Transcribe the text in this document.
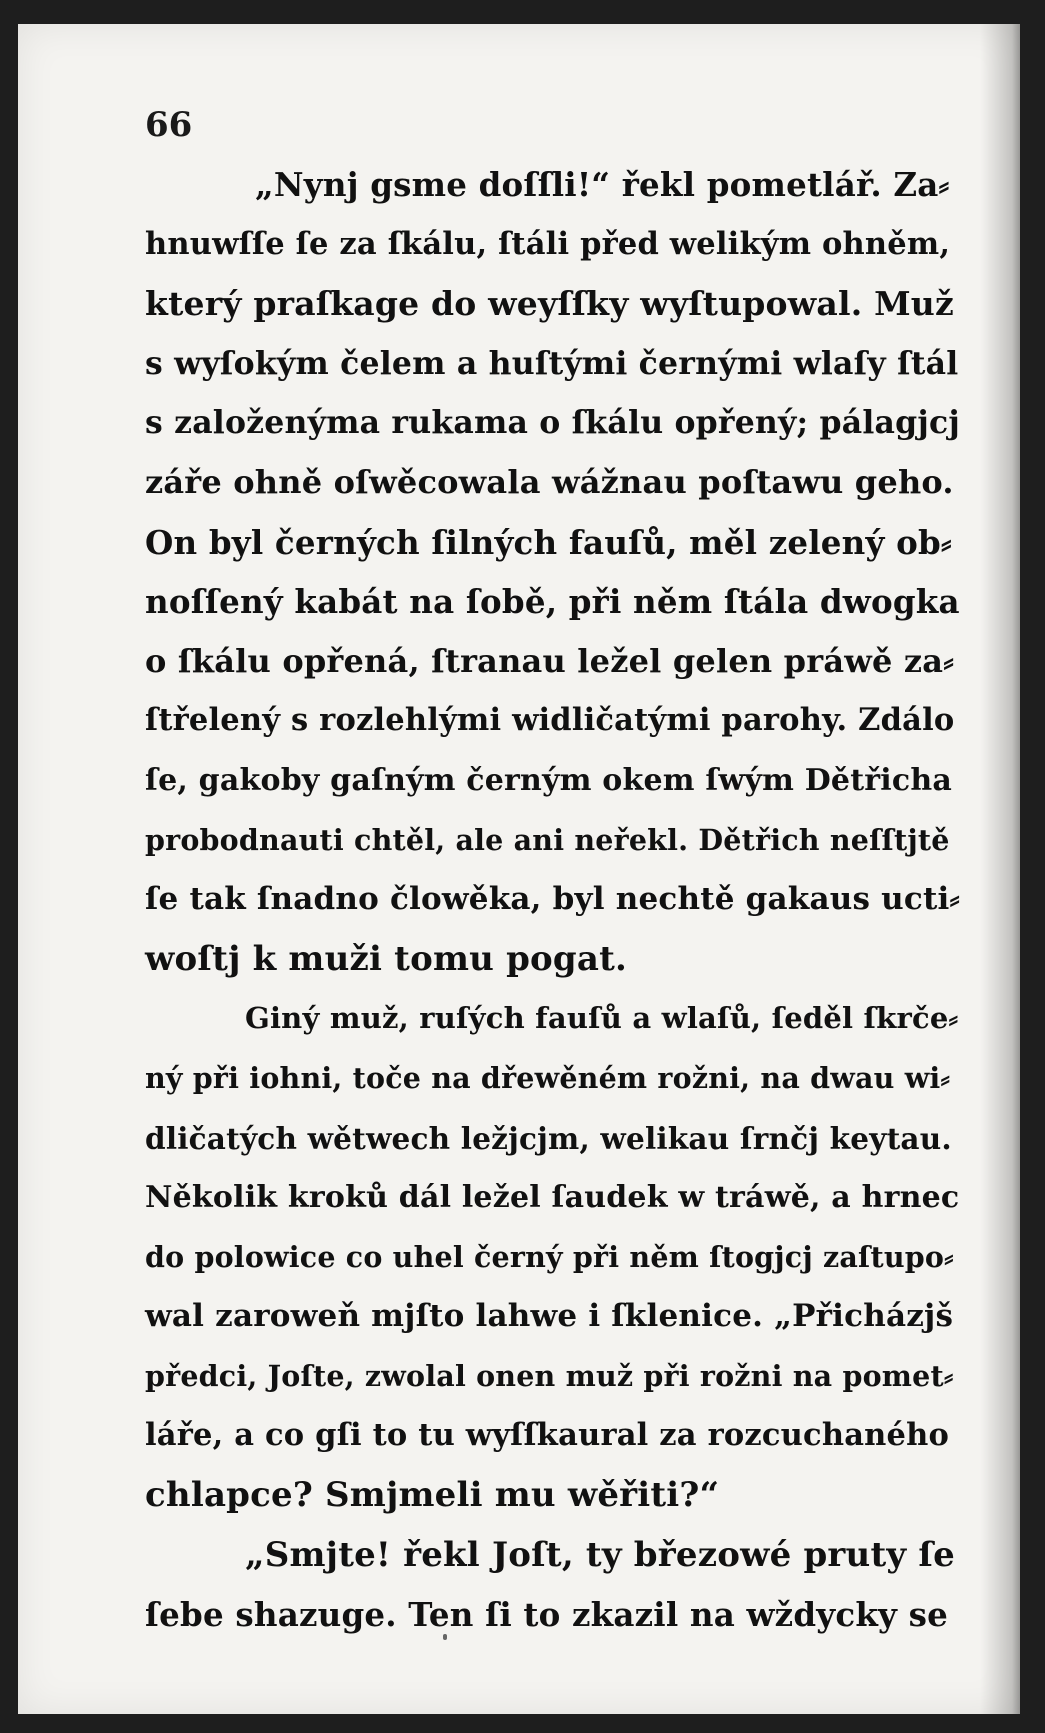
66
„Nynj gsme doſſli!“ řekl pometlář. Za⸗
hnuwſſe ſe za ſkálu, ſtáli před welikým ohněm,
který praſkage do weyſſky wyſtupowal. Muž
s wyſokým čelem a huſtými černými wlaſy ſtál
s založenýma rukama o ſkálu opřený; pálagjcj
záře ohně oſwěcowala wážnau poſtawu geho.
On byl černých ſilných fauſů, měl zelený ob⸗
noſſený kabát na ſobě, při něm ſtála dwogka
o ſkálu opřená, ſtranau ležel gelen práwě za⸗
ſtřelený s rozlehlými widličatými parohy. Zdálo
ſe, gakoby gaſným černým okem ſwým Dětřicha
probodnauti chtěl, ale ani neřekl. Dětřich neſſtjtě
ſe tak ſnadno člowěka, byl nechtě gakaus ucti⸗
woſtj k muži tomu pogat.
Giný muž, ruſých fauſů a wlaſů, ſeděl ſkrče⸗
ný při iohni, toče na dřewěném rožni, na dwau wi⸗
dličatých wětwech ležjcjm, welikau ſrnčj keytau.
Několik kroků dál ležel ſaudek w tráwě, a hrnec
do polowice co uhel černý při něm ſtogjcj zaſtupo⸗
wal zaroweň mjſto lahwe i ſklenice. „Přicházjš
předci, Joſte, zwolal onen muž při rožni na pomet⸗
láře, a co gſi to tu wyſſkaural za rozcuchaného
chlapce? Smjmeli mu wěřiti?“
„Smjte! řekl Joſt, ty březowé pruty ſe
ſebe shazuge. Ten ſi to zkazil na wždycky se
